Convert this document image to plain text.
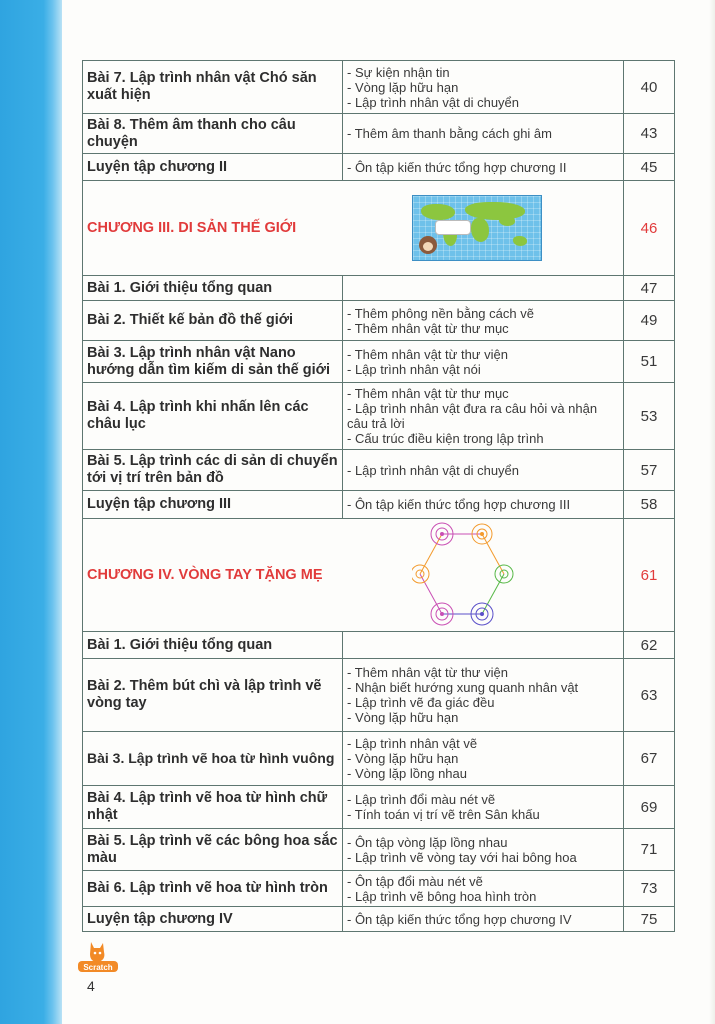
Bài 7. Lập trình nhân vật Chó săn xuất hiện	- Sự kiện nhận tin
- Vòng lặp hữu hạn
- Lập trình nhân vật di chuyển	40
Bài 8. Thêm âm thanh cho câu chuyện	- Thêm âm thanh bằng cách ghi âm	43
Luyện tập chương II	- Ôn tập kiến thức tổng hợp chương II	45

CHƯƠNG III. DI SẢN THẾ GIỚI		46
Bài 1. Giới thiệu tổng quan		47
Bài 2. Thiết kế bản đồ thế giới	- Thêm phông nền bằng cách vẽ
- Thêm nhân vật từ thư mục	49
Bài 3. Lập trình nhân vật Nano hướng dẫn tìm kiếm di sản thế giới	- Thêm nhân vật từ thư viện
- Lập trình nhân vật nói	51
Bài 4. Lập trình khi nhấn lên các châu lục	- Thêm nhân vật từ thư mục
- Lập trình nhân vật đưa ra câu hỏi và nhận câu trả lời
- Cấu trúc điều kiện trong lập trình	53
Bài 5. Lập trình các di sản di chuyển tới vị trí trên bản đồ	- Lập trình nhân vật di chuyển	57
Luyện tập chương III	- Ôn tập kiến thức tổng hợp chương III	58

CHƯƠNG IV. VÒNG TAY TẶNG MẸ		61
Bài 1. Giới thiệu tổng quan		62
Bài 2. Thêm bút chì và lập trình vẽ vòng tay	- Thêm nhân vật từ thư viện
- Nhận biết hướng xung quanh nhân vật
- Lập trình vẽ đa giác đều
- Vòng lặp hữu hạn	63
Bài 3. Lập trình vẽ hoa từ hình vuông	- Lập trình nhân vật vẽ
- Vòng lặp hữu hạn
- Vòng lặp lồng nhau	67
Bài 4. Lập trình vẽ hoa từ hình chữ nhật	- Lập trình đổi màu nét vẽ
- Tính toán vị trí vẽ trên Sân khấu	69
Bài 5. Lập trình vẽ các bông hoa sắc màu	- Ôn tập vòng lặp lồng nhau
- Lập trình vẽ vòng tay với hai bông hoa	71
Bài 6. Lập trình vẽ hoa từ hình tròn	- Ôn tập đổi màu nét vẽ
- Lập trình vẽ bông hoa hình tròn	73
Luyện tập chương IV	- Ôn tập kiến thức tổng hợp chương IV	75
Scratch
4
